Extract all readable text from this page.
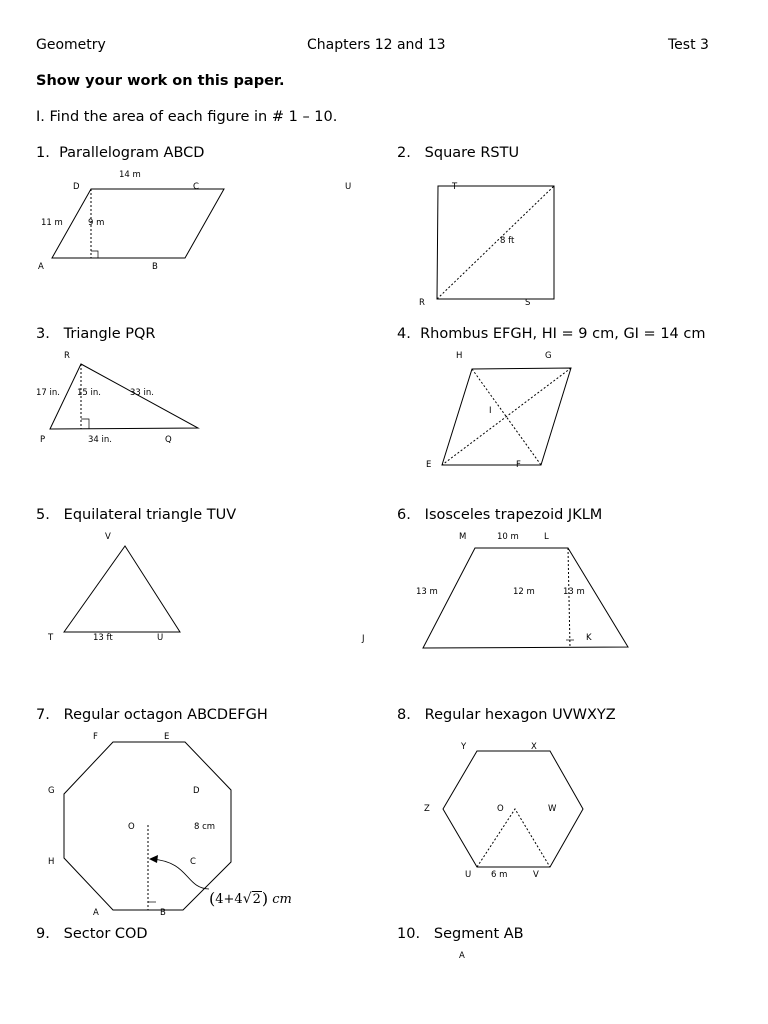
Geometry	Chapters 12 and 13	Test 3
Show your work on this paper.
I. Find the area of each figure in # 1 – 10.
1. Parallelogram ABCD	2. Square RSTU
3. Triangle PQR	4. Rhombus EFGH, HI = 9 cm, GI = 14 cm
5. Equilateral triangle TUV	6. Isosceles trapezoid JKLM
7. Regular octagon ABCDEFGH	8. Regular hexagon UVWXYZ
9. Sector COD	10. Segment AB
14 m
D	C
11 m	9 m
A	B
U	T
8 ft
R	S
R
17 in. 15 in.	33 in.
P	34 in.	Q
H	G
I
E	F
V
T	13 ft	U
M	10 m	L
13 m	12 m	13 m
J	K
F	E
G	D
O	8 cm
H	C
A	B
(4+4√2) cm
Y	X
Z	O	W
U 6 m	V
A
